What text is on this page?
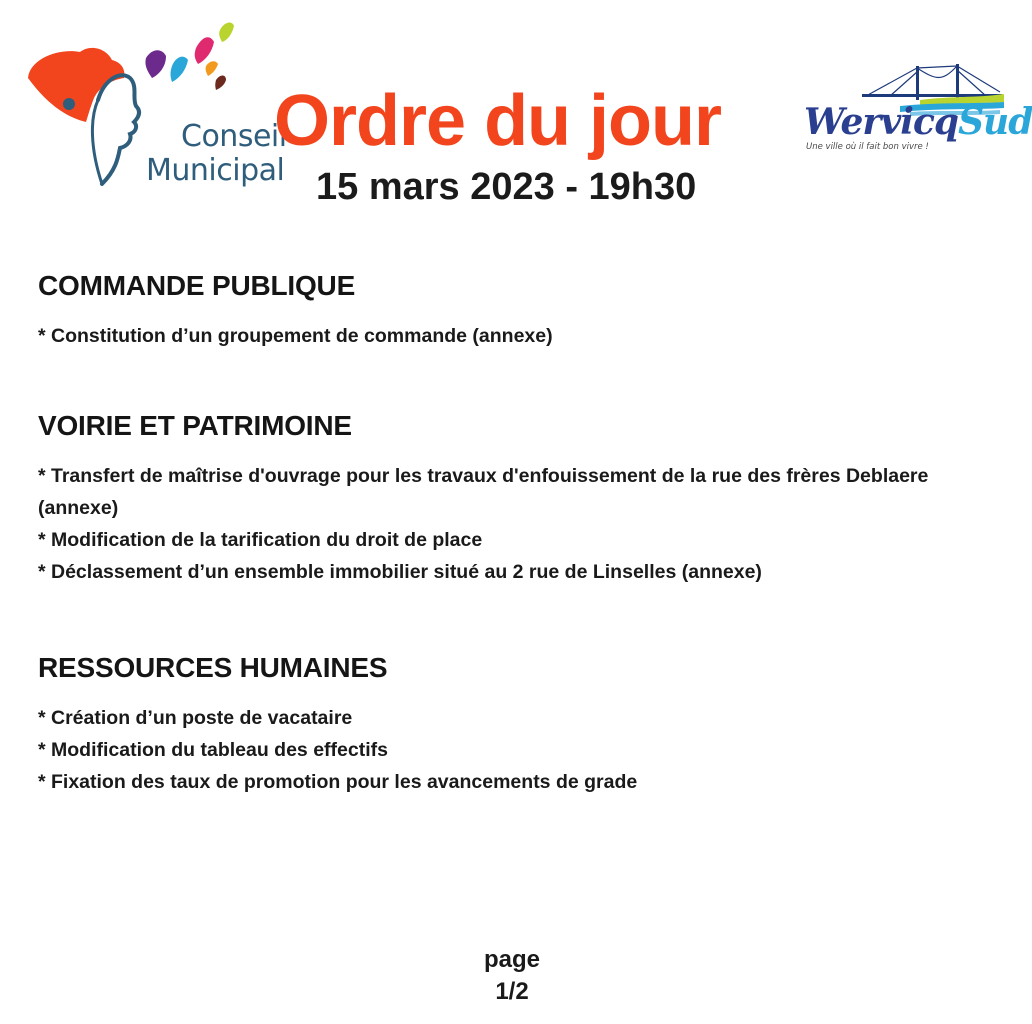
Conseil
Municipal
Ordre du jour
15 mars 2023 - 19h30
WervicqSud
Une ville où il fait bon vivre !
COMMANDE PUBLIQUE
* Constitution d’un groupement de commande (annexe)
VOIRIE ET PATRIMOINE
* Transfert de maîtrise d'ouvrage pour les travaux d'enfouissement de la rue des frères Deblaere (annexe)
* Modification de la tarification du droit de place
* Déclassement d’un ensemble immobilier situé au 2 rue de Linselles (annexe)
RESSOURCES HUMAINES
* Création d’un poste de vacataire
* Modification du tableau des effectifs
* Fixation des taux de promotion pour les avancements de grade
page
1/2
